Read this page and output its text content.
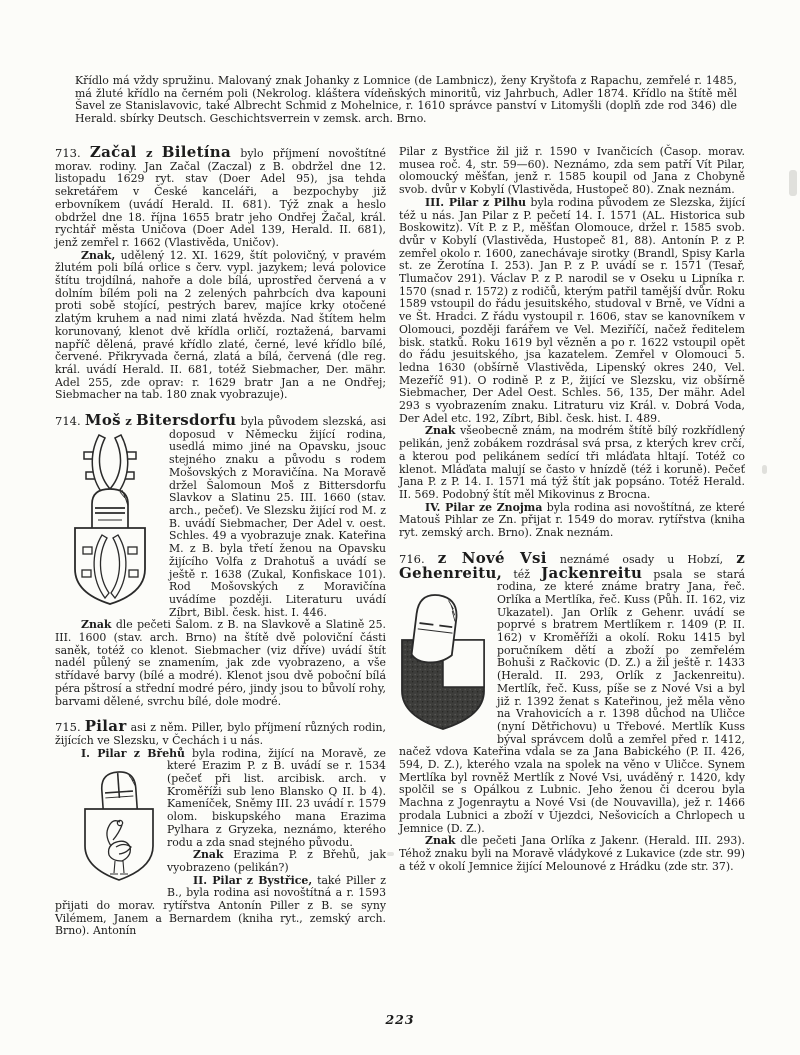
Křídlo má vždy spružinu. Malovaný znak Johanky z Lomnice (de Lambnicz), ženy Kryštofa z Rapachu, zemřelé r. 1485, má žluté křídlo na černém poli (Nekrolog. kláštera vídeňských minoritů, viz Jahrbuch, Adler 1874. Křídlo na štítě měl Šavel ze Stanislavovic, také Albrecht Schmid z Mohelnice, r. 1610 správce panství v Litomyšli (doplň zde rod 346) dle Herald. sbírky Deutsch. Geschichtsverrein v zemsk. arch. Brno.

713. Začal z Biletína bylo příjmení novoštítné morav. rodiny. Jan Začal (Zaczal) z B. obdržel dne 12. listopadu 1629 ryt. stav (Doer Adel 95), jsa tehda sekretářem v České kanceláři, a bezpochyby již erbovníkem (uvádí Herald. II. 681). Týž znak a heslo obdržel dne 18. října 1655 bratr jeho Ondřej Žačal, král. rychtář města Uničova (Doer Adel 139, Herald. II. 681), jenž zemřel r. 1662 (Vlastivěda, Uničov).

Znak, udělený 12. XI. 1629, štít polovičný, v pravém žlutém poli bílá orlice s červ. vypl. jazykem; levá polovice štítu trojdílná, nahoře a dole bílá, uprostřed červená a v dolním bílém poli na 2 zelených pahrbcích dva kapouni proti sobě stojící, pestrých barev, majíce krky otočené zlatým kruhem a nad nimi zlatá hvězda. Nad štítem helm korunovaný, klenot dvě křídla orličí, roztažená, barvami napříč dělená, pravé křídlo zlaté, černé, levé křídlo bílé, červené. Přikryvada černá, zlatá a bílá, červená (dle reg. král. uvádí Herald. II. 681, totéž Siebmacher, Der. mähr. Adel 255, zde oprav: r. 1629 bratr Jan a ne Ondřej; Siebmacher na tab. 180 znak vyobrazuje).

714. Moš z Bitersdorfu byla původem slezská, asi
doposud v Německu žijící rodina, usedlá mimo jiné na Opavsku, jsouc stejného znaku a původu s rodem Mošovských z Moravičína. Na Moravě držel Šalomoun Moš z Bittersdorfu Slavkov a Slatinu 25. III. 1660 (stav. arch., pečeť). Ve Slezsku žijící rod M. z B. uvádí Siebmacher, Der Adel v. oest. Schles. 49 a vyobrazuje znak. Kateřina M. z B. byla třetí ženou na Opavsku žijícího Volfa z Drahotuš a uvádí se ještě r. 1638 (Zukal, Konfiskace 101). Rod Mošovských z Moravičína uvádíme později. Literaturu uvádí Zíbrt, Bibl. česk. hist. I. 446.

Znak dle pečeti Šalom. z B. na Slavkově a Slatině 25. III. 1600 (stav. arch. Brno) na štítě dvě poloviční části saněk, totéž co klenot. Siebmacher (viz dříve) uvádí štít nadél půlený se znamením, jak zde vyobrazeno, a vše střídavé barvy (bílé a modré). Klenot jsou dvě poboční bílá péra pštrosí a střední modré péro, jindy jsou to bůvolí rohy, barvami dělené, svrchu bílé, dole modré.

715. Pilar asi z něm. Piller, bylo příjmení různých rodin, žijících ve Slezsku, v Čechách i u nás.

I. Pilar z Břehů byla rodina, žijící na Moravě, ze
které Erazim P. z B. uvádí se r. 1534 (pečeť při list. arcibisk. arch. v Kroměříži sub leno Blansko Q II. b 4). Kameníček, Sněmy III. 23 uvádí r. 1579 olom. biskupského mana Erazima Pylhara z Gryzeka, neznámo, kterého rodu a zda snad stejného původu.

Znak Erazima P. z Břehů, jak vyobrazeno (pelikán?)

II. Pilar z Bystřice, také Piller z B., byla rodina asi novoštítná a r. 1593 přijati do morav. rytířstva Antonín Piller z B. se syny Vilémem, Janem a Bernardem (kniha ryt., zemský arch. Brno). Antonín

Pilar z Bystřice žil již r. 1590 v Ivančicích (Časop. morav. musea roč. 4, str. 59—60). Neznámo, zda sem patří Vít Pilar, olomoucký měšťan, jenž r. 1585 koupil od Jana z Chobyně svob. dvůr v Kobylí (Vlastivěda, Hustopeč 80). Znak neznám.

III. Pilar z Pilhu byla rodina původem ze Slezska, žijící též u nás. Jan Pilar z P. pečetí 14. I. 1571 (AL. Historica sub Boskowitz). Vít P. z P., měšťan Olomouce, držel r. 1585 svob. dvůr v Kobylí (Vlastivěda, Hustopeč 81, 88). Antonín P. z P. zemřel okolo r. 1600, zanechávaje sirotky (Brandl, Spisy Karla st. ze Žerotína I. 253). Jan P. z P. uvádí se r. 1571 (Tesař, Tlumačov 291). Václav P. z P. narodil se v Oseku u Lipníka r. 1570 (snad r. 1572) z rodičů, kterým patřil tamější dvůr. Roku 1589 vstoupil do řádu jesuitského, studoval v Brně, ve Vídni a ve Št. Hradci. Z řádu vystoupil r. 1606, stav se kanovníkem v Olomouci, později farářem ve Vel. Meziříčí, načež ředitelem bisk. statků. Roku 1619 byl vězněn a po r. 1622 vstoupil opět do řádu jesuitského, jsa kazatelem. Zemřel v Olomouci 5. ledna 1630 (obšírně Vlastivěda, Lipenský okres 240, Vel. Mezeříč 91). O rodině P. z P., žijící ve Slezsku, viz obšírně Siebmacher, Der Adel Oest. Schles. 56, 135, Der mähr. Adel 293 s vyobrazením znaku. Litraturu viz Král. v. Dobrá Voda, Der Adel etc. 192, Zíbrt, Bibl. česk. hist. I. 489.

Znak všeobecně znám, na modrém štítě bílý rozkřídlený pelikán, jenž zobákem rozdrásal svá prsa, z kterých krev crčí, a kterou pod pelikánem sedící tři mláďata hltají. Totéž co klenot. Mláďata malují se často v hnízdě (též i koruně). Pečeť Jana P. z P. 14. I. 1571 má týž štít jak popsáno. Totéž Herald. II. 569. Podobný štít měl Mikovinus z Brocna.

IV. Pilar ze Znojma byla rodina asi novoštítná, ze které Matouš Pihlar ze Zn. přijat r. 1549 do morav. rytířstva (kniha ryt. zemský arch. Brno). Znak neznám.

716. z Nové Vsi neznámé osady u Hobzí, z Gehenreitu, též Jackenreitu psala se stará rodina, ze které známe bratry Jana, řeč. Orlíka a Mertlíka, řeč. Kuss (Půh. II. 162, viz Ukazatel). Jan Orlík z Gehenr. uvádí se poprvé s bratrem Mertlíkem r. 1409 (P. II. 162) v Kroměříži a okolí. Roku 1415 byl poručníkem dětí a zboží po zemřelém Bohuši z Račkovic (D. Z.) a žil ještě r. 1433 (Herald. II. 293, Orlík z Jackenreitu). Mertlík, řeč. Kuss, píše se z Nové Vsi a byl již r. 1392 ženat s Kateřinou, jež měla věno na Vrahovicích a r. 1398 důchod na Uličce (nyní Dětřichovu) u Třebové. Mertlík Kuss býval správcem dolů a zemřel před r. 1412, načež vdova Kateřina vdala se za Jana Babického (P. II. 426, 594, D. Z.), kterého vzala na spolek na věno v Uličce. Synem Mertlíka byl rovněž Mertlík z Nové Vsi, uváděný r. 1420, kdy spolčil se s Opálkou z Lubnic. Jeho ženou či dcerou byla Machna z Jogenraytu a Nové Vsi (de Nouvavilla), jež r. 1466 prodala Lubnici a zboží v Újezdci, Nešovicích a Chrlopech u Jemnice (D. Z.).

Znak dle pečeti Jana Orlíka z Jakenr. (Herald. III. 293). Téhož znaku byli na Moravě vládykové z Lukavice (zde str. 99) a též v okolí Jemnice žijící Melounové z Hrádku (zde str. 37).

223
